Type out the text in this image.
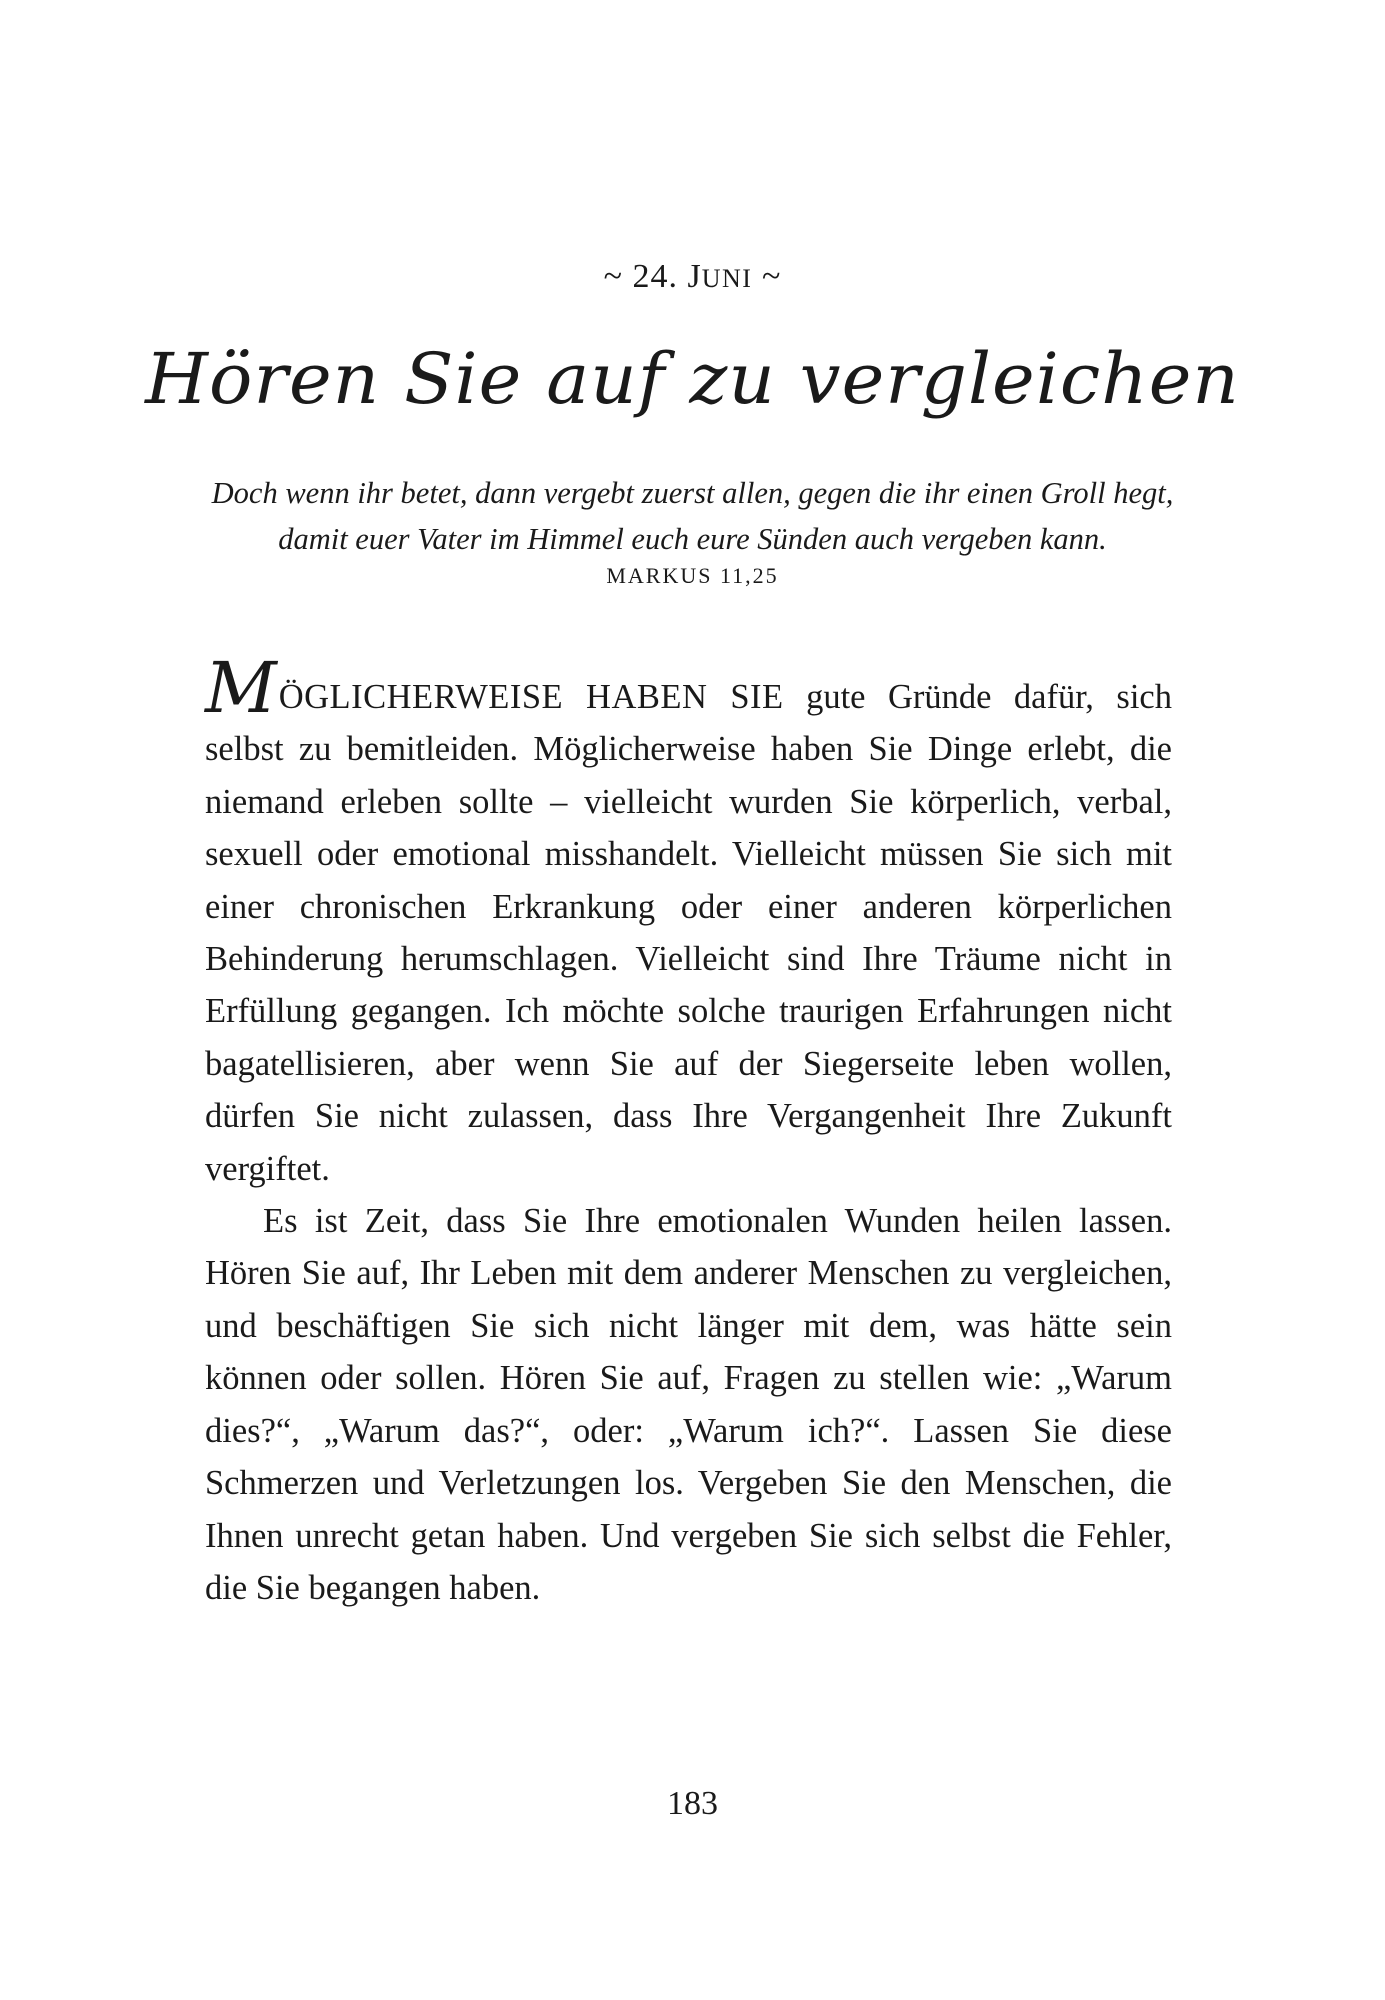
~ 24. JUNI ~
Hören Sie auf zu vergleichen
Doch wenn ihr betet, dann vergebt zuerst allen, gegen die ihr einen Groll hegt, damit euer Vater im Himmel euch eure Sünden auch vergeben kann.
MARKUS 11,25

MÖGLICHERWEISE HABEN SIE gute Gründe dafür, sich selbst zu bemitleiden. Möglicherweise haben Sie Dinge erlebt, die niemand erleben sollte – vielleicht wurden Sie körperlich, verbal, sexuell oder emotional misshandelt. Vielleicht müssen Sie sich mit einer chronischen Erkrankung oder einer anderen körperlichen Behinderung herumschlagen. Vielleicht sind Ihre Träume nicht in Erfüllung gegangen. Ich möchte solche traurigen Erfahrungen nicht bagatellisieren, aber wenn Sie auf der Siegerseite leben wollen, dürfen Sie nicht zulassen, dass Ihre Vergangenheit Ihre Zukunft vergiftet.

Es ist Zeit, dass Sie Ihre emotionalen Wunden heilen lassen. Hören Sie auf, Ihr Leben mit dem anderer Menschen zu vergleichen, und beschäftigen Sie sich nicht länger mit dem, was hätte sein können oder sollen. Hören Sie auf, Fragen zu stellen wie: „Warum dies?“, „Warum das?“, oder: „Warum ich?“. Lassen Sie diese Schmerzen und Verletzungen los. Vergeben Sie den Menschen, die Ihnen unrecht getan haben. Und vergeben Sie sich selbst die Fehler, die Sie begangen haben.

183
